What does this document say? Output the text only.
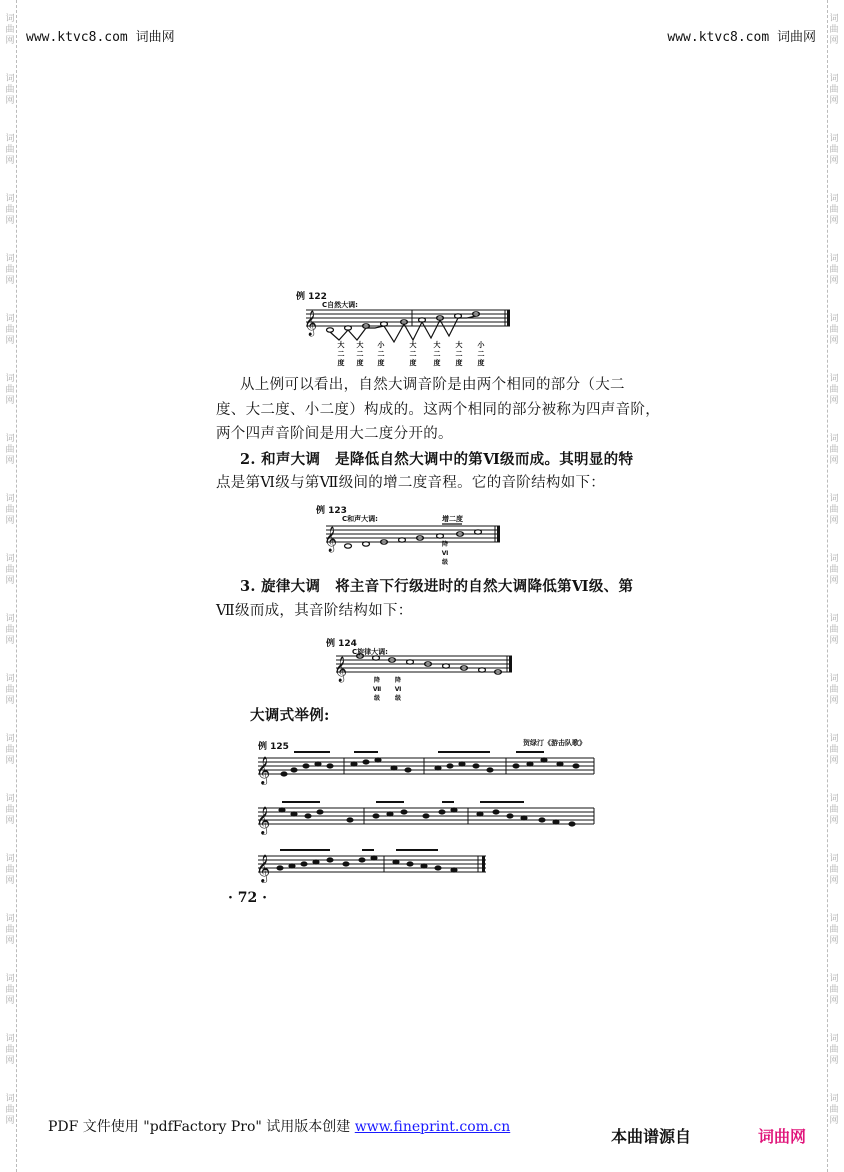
词
曲
网
词
曲
网
词
曲
网
词
曲
网
词
曲
网
词
曲
网
词
曲
网
词
曲
网
词
曲
网
词
曲
网
词
曲
网
词
曲
网
词
曲
网
词
曲
网
词
曲
网
词
曲
网
词
曲
网
词
曲
网
词
曲
网
词
曲
网
词
曲
网
词
曲
网
词
曲
网
词
曲
网
词
曲
网
词
曲
网
词
曲
网
词
曲
网
词
曲
网
词
曲
网
词
曲
网
词
曲
网
词
曲
网
词
曲
网
词
曲
网
词
曲
网
词
曲
网
词
曲
网
www.ktvc8.com 词曲网	www.ktvc8.com 词曲网
例 122
C自然大调:
𝄞
大二度
大二度
小二度
大二度
大二度
大二度
小二度
从上例可以看出，自然大调音阶是由两个相同的部分（大二
度、大二度、小二度）构成的。这两个相同的部分被称为四声音阶，
两个四声音阶间是用大二度分开的。
2. 和声大调　是降低自然大调中的第Ⅵ级而成。其明显的特
点是第Ⅵ级与第Ⅶ级间的增二度音程。它的音阶结构如下：
例 123
C和声大调:	增二度
𝄞	降Ⅵ级
3. 旋律大调　将主音下行级进时的自然大调降低第Ⅵ级、第
Ⅶ级而成，其音阶结构如下：
例 124
C旋律大调:
𝄞	降Ⅶ级
降Ⅵ级
大调式举例:
例 125	贺绿汀《游击队歌》
𝄞
𝄞
𝄞
· 72 ·
PDF 文件使用 "pdfFactory Pro" 试用版本创建 www.fineprint.com.cn	本曲谱源自	词曲网
